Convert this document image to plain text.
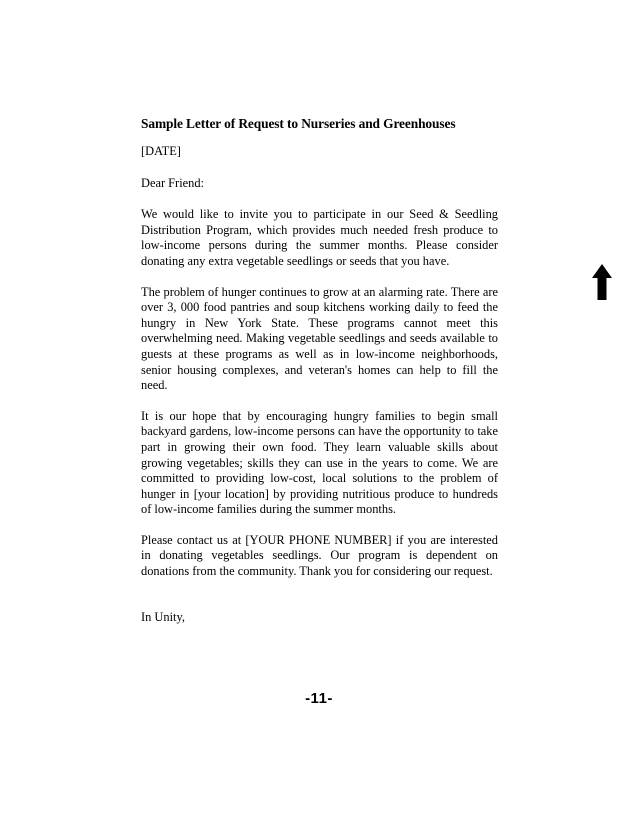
Sample Letter of Request to Nurseries and Greenhouses
[DATE]
Dear Friend:

We would like to invite you to participate in our Seed & Seedling Distribution Program, which provides much needed fresh produce to low-income persons during the summer months. Please consider donating any extra vegetable seedlings or seeds that you have.

The problem of hunger continues to grow at an alarming rate. There are over 3, 000 food pantries and soup kitchens working daily to feed the hungry in New York State. These programs cannot meet this overwhelming need. Making vegetable seedlings and seeds available to guests at these programs as well as in low-income neighborhoods, senior housing complexes, and veteran's homes can help to fill the need.

It is our hope that by encouraging hungry families to begin small backyard gardens, low-income persons can have the opportunity to take part in growing their own food. They learn valuable skills about growing vegetables; skills they can use in the years to come. We are committed to providing low-cost, local solutions to the problem of hunger in [your location] by providing nutritious produce to hundreds of low-income families during the summer months.

Please contact us at [YOUR PHONE NUMBER] if you are interested in donating vegetables seedlings. Our program is dependent on donations from the community. Thank you for considering our request.

In Unity,
-11-
